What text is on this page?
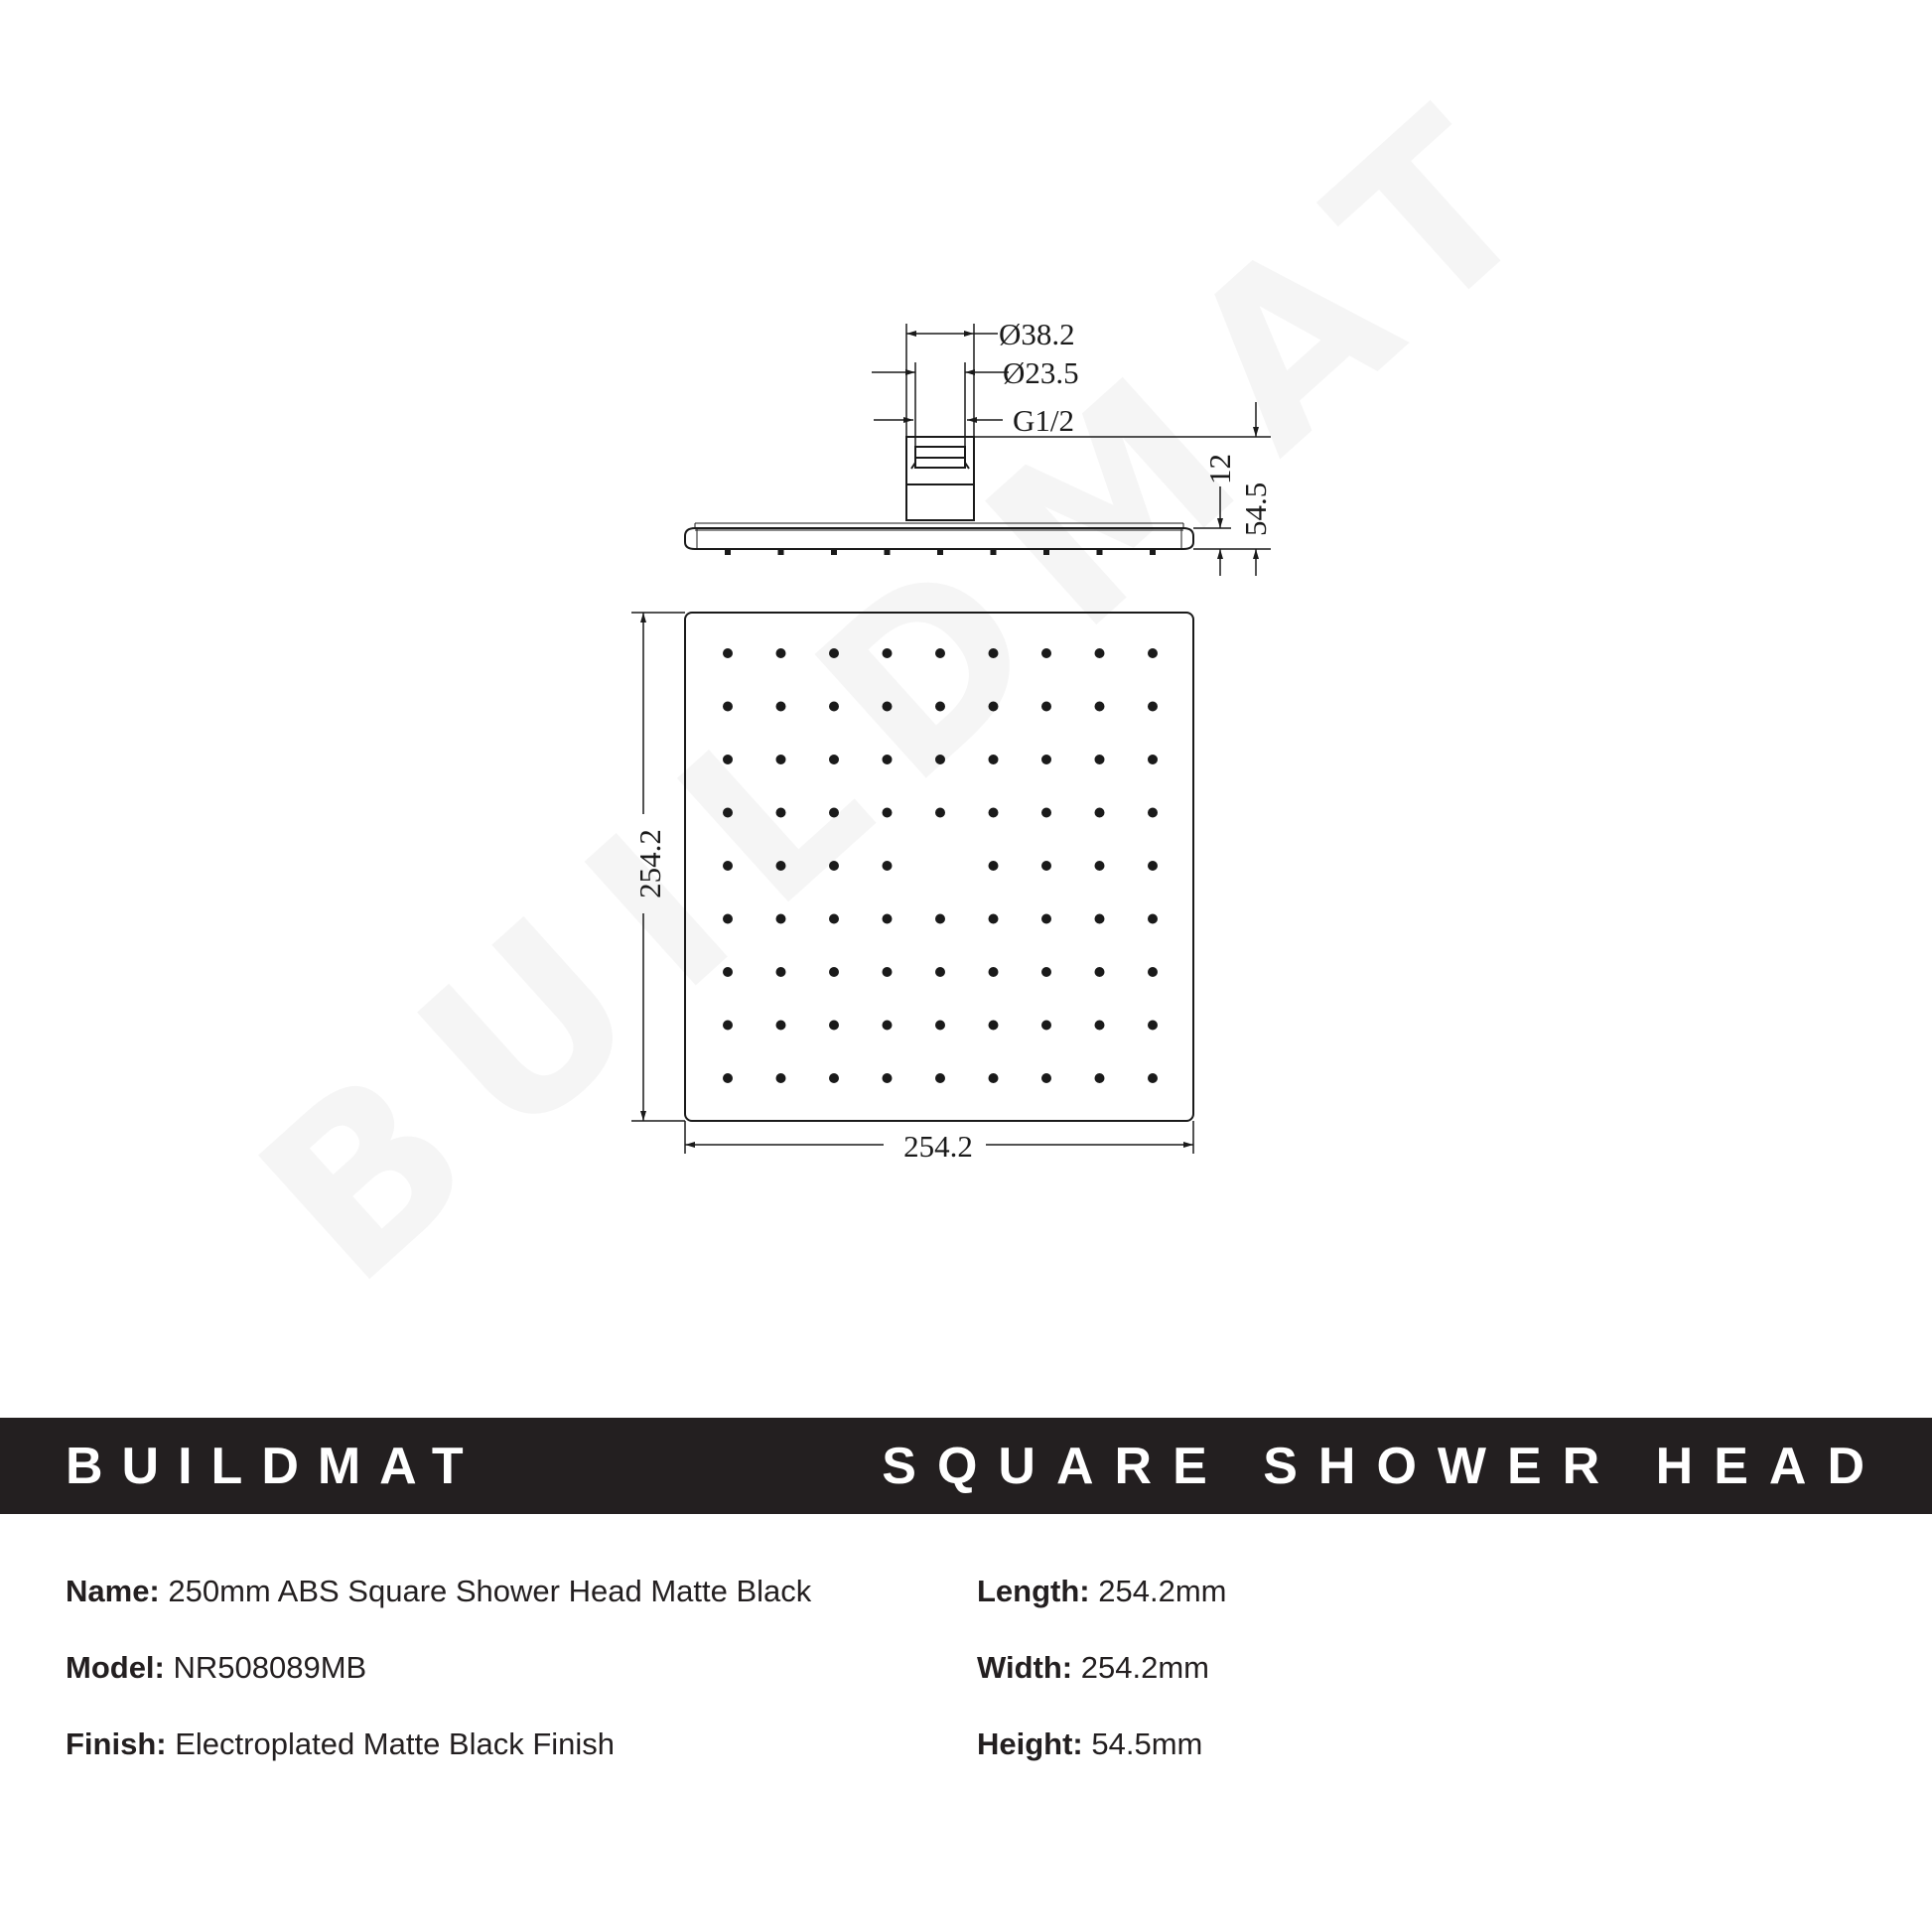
Ø38.2
Ø23.5
G1/2
12
54.5
254.2
254.2
BUILDMAT	SQUARE SHOWER HEAD
Name: 250mm ABS Square Shower Head Matte Black
Model: NR508089MB
Finish: Electroplated Matte Black Finish
Length: 254.2mm
Width: 254.2mm
Height: 54.5mm
